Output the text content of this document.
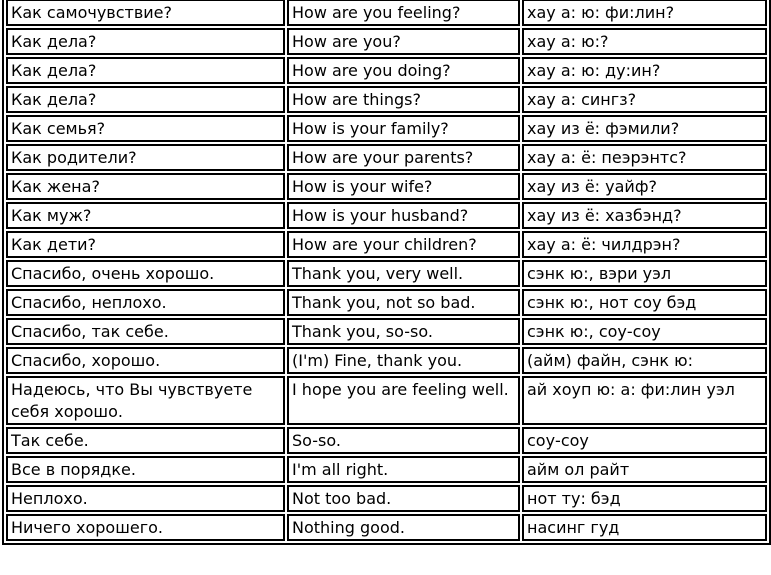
Как самочувствие?	How are you feeling?	хау а: ю: фи:лин?
Как дела?	How are you?	хау а: ю:?
Как дела?	How are you doing?	хау а: ю: ду:ин?
Как дела?	How are things?	хау а: сингз?
Как семья?	How is your family?	хау из ё: фэмили?
Как родители?	How are your parents?	хау а: ё: пеэрэнтс?
Как жена?	How is your wife?	хау из ё: уайф?
Как муж?	How is your husband?	хау из ё: хазбэнд?
Как дети?	How are your children?	хау а: ё: чилдрэн?
Спасибо, очень хорошо.	Thank you, very well.	сэнк ю:, вэри уэл
Спасибо, неплохо.	Thank you, not so bad.	сэнк ю:, нот соу бэд
Спасибо, так себе.	Thank you, so-so.	сэнк ю:, соу-соу
Спасибо, хорошо.	(I'm) Fine, thank you.	(айм) файн, сэнк ю:
Надеюсь, что Вы чувствуете себя хорошо.	I hope you are feeling well.	ай хоуп ю: а: фи:лин уэл
Так себе.	So-so.	соу-соу
Все в порядке.	I'm all right.	айм ол райт
Неплохо.	Not too bad.	нот ту: бэд
Ничего хорошего.	Nothing good.	насинг гуд
